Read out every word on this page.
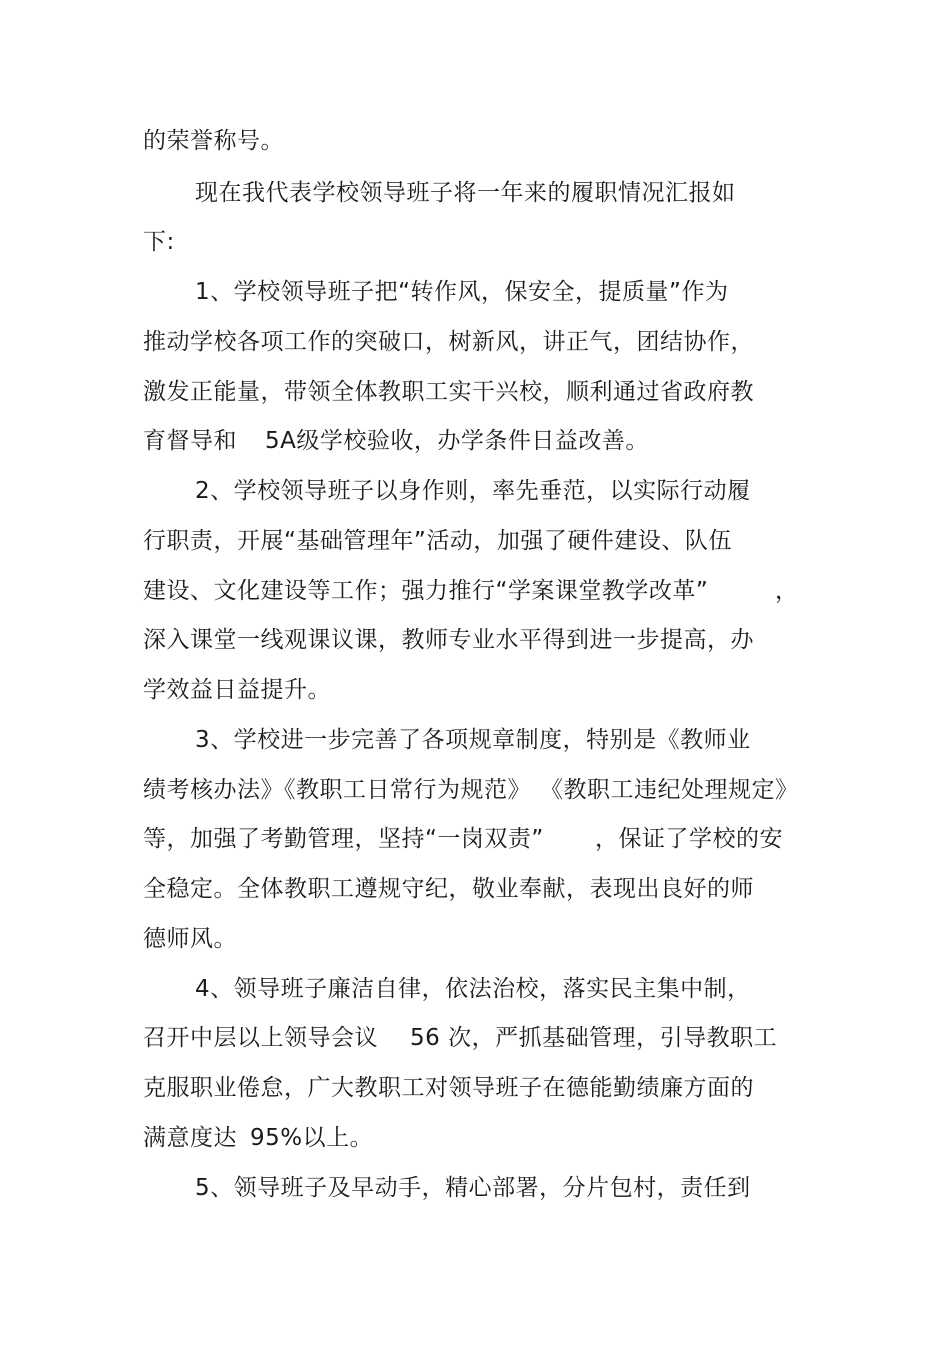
的荣誉称号。
现在我代表学校领导班子将一年来的履职情况汇报如
下:
1、学校领导班子把“转作风，保安全，提质量”作为
推动学校各项工作的突破口，树新风，讲正气，团结协作，
激发正能量，带领全体教职工实干兴校，顺利通过省政府教
育督导和 5A级学校验收，办学条件日益改善。
2、学校领导班子以身作则，率先垂范，以实际行动履
行职责，开展“基础管理年”活动，加强了硬件建设、队伍
建设、文化建设等工作；强力推行“学案课堂教学改革”	，
深入课堂一线观课议课，教师专业水平得到进一步提高，办
学效益日益提升。
3、学校进一步完善了各项规章制度，特别是《教师业
绩考核办法》《教职工日常行为规范》 《教职工违纪处理规定》
等，加强了考勤管理，坚持“一岗双责” ，保证了学校的安
全稳定。全体教职工遵规守纪，敬业奉献，表现出良好的师
德师风。
4、领导班子廉洁自律，依法治校，落实民主集中制，
召开中层以上领导会议 56 次，严抓基础管理，引导教职工
克服职业倦怠，广大教职工对领导班子在德能勤绩廉方面的
满意度达 95%以上。
5、领导班子及早动手，精心部署，分片包村，责任到
